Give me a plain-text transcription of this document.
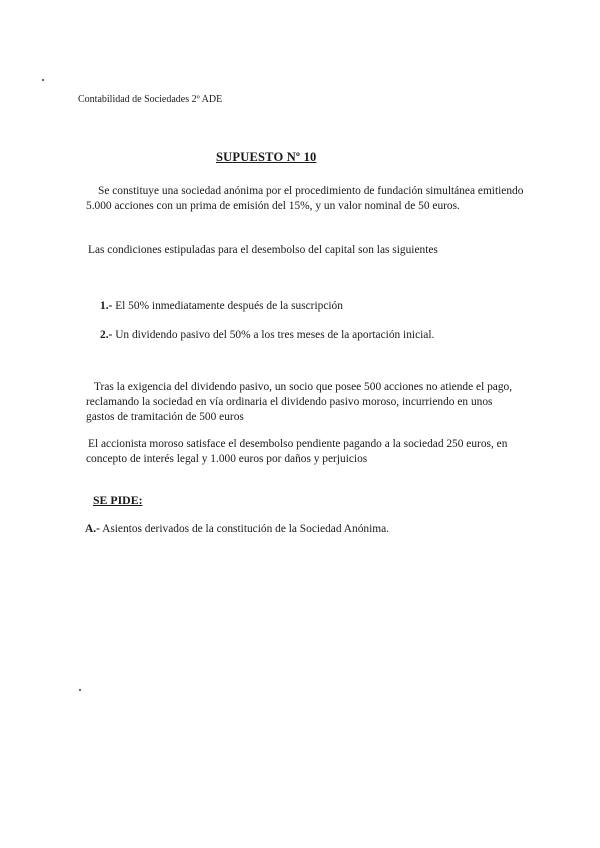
Contabilidad de Sociedades 2º ADE
SUPUESTO Nº 10
Se constituye una sociedad anónima por el procedimiento de fundación simultánea emitiendo 5.000 acciones con un prima de emisión del 15%, y un valor nominal de 50 euros.
Las condiciones estipuladas para el desembolso del capital son las siguientes
1.- El 50% inmediatamente después de la suscripción
2.- Un dividendo pasivo del 50% a los tres meses de la aportación inicial.
Tras la exigencia del dividendo pasivo, un socio que posee 500 acciones no atiende el pago, reclamando la sociedad en vía ordinaria el dividendo pasivo moroso, incurriendo en unos gastos de tramitación de 500 euros
El accionista moroso satisface el desembolso pendiente pagando a la sociedad 250 euros, en concepto de interés legal y 1.000 euros por daños y perjuicios
SE PIDE:
A.- Asientos derivados de la constitución de la Sociedad Anónima.
